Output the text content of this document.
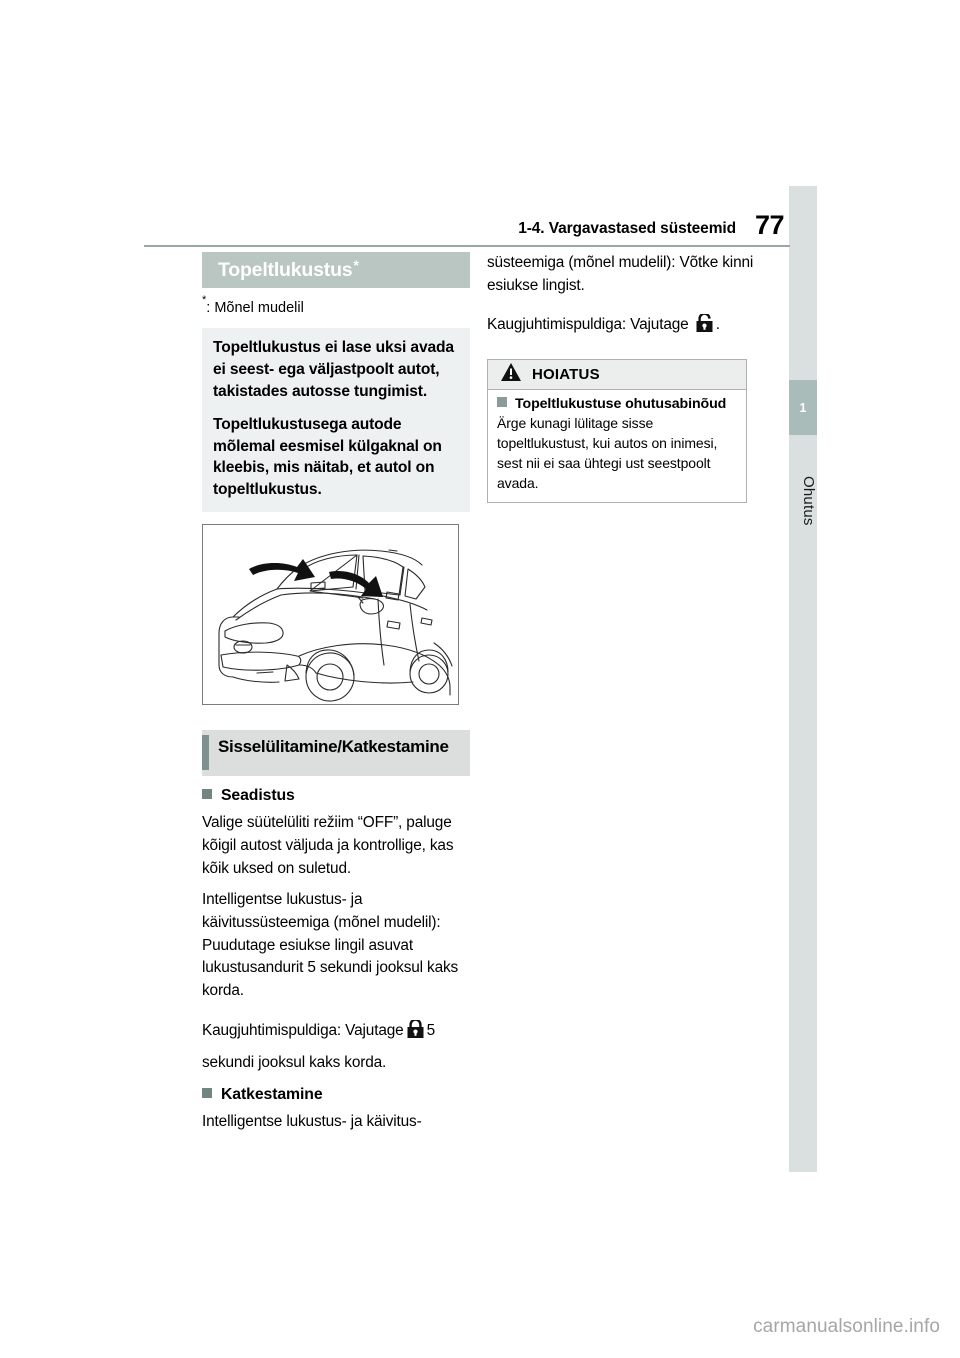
1
Ohutus
1-4. Vargavastased süsteemid 77
Topeltlukustus *
*: Mõnel mudelil

Topeltlukustus ei lase uksi avada ei seest- ega väljastpoolt autot, takistades autosse tungimist.

Topeltlukustusega autode mõlemal eesmisel külgaknal on kleebis, mis näitab, et autol on topeltlukustus.

Sisselülitamine/Katkestamine
Seadistus

Valige süütelüliti režiim “OFF”, paluge kõigil autost väljuda ja kontrollige, kas kõik uksed on suletud.

Intelligentse lukustus- ja käivitussüsteemiga (mõnel mudelil): Puudutage esiukse lingil asuvat lukustusandurit 5 sekundi jooksul kaks korda.

Kaugjuhtimispuldiga: Vajutage 5

sekundi jooksul kaks korda.

Katkestamine

Intelligentse lukustus- ja käivitus-

süsteemiga (mõnel mudelil): Võtke kinni esiukse lingist.

Kaugjuhtimispuldiga: Vajutage .

HOIATUS
Topeltlukustuse ohutusabinõud

Ärge kunagi lülitage sisse topeltlukustust, kui autos on inimesi, sest nii ei saa ühtegi ust seestpoolt avada.

carmanualsonline.info
